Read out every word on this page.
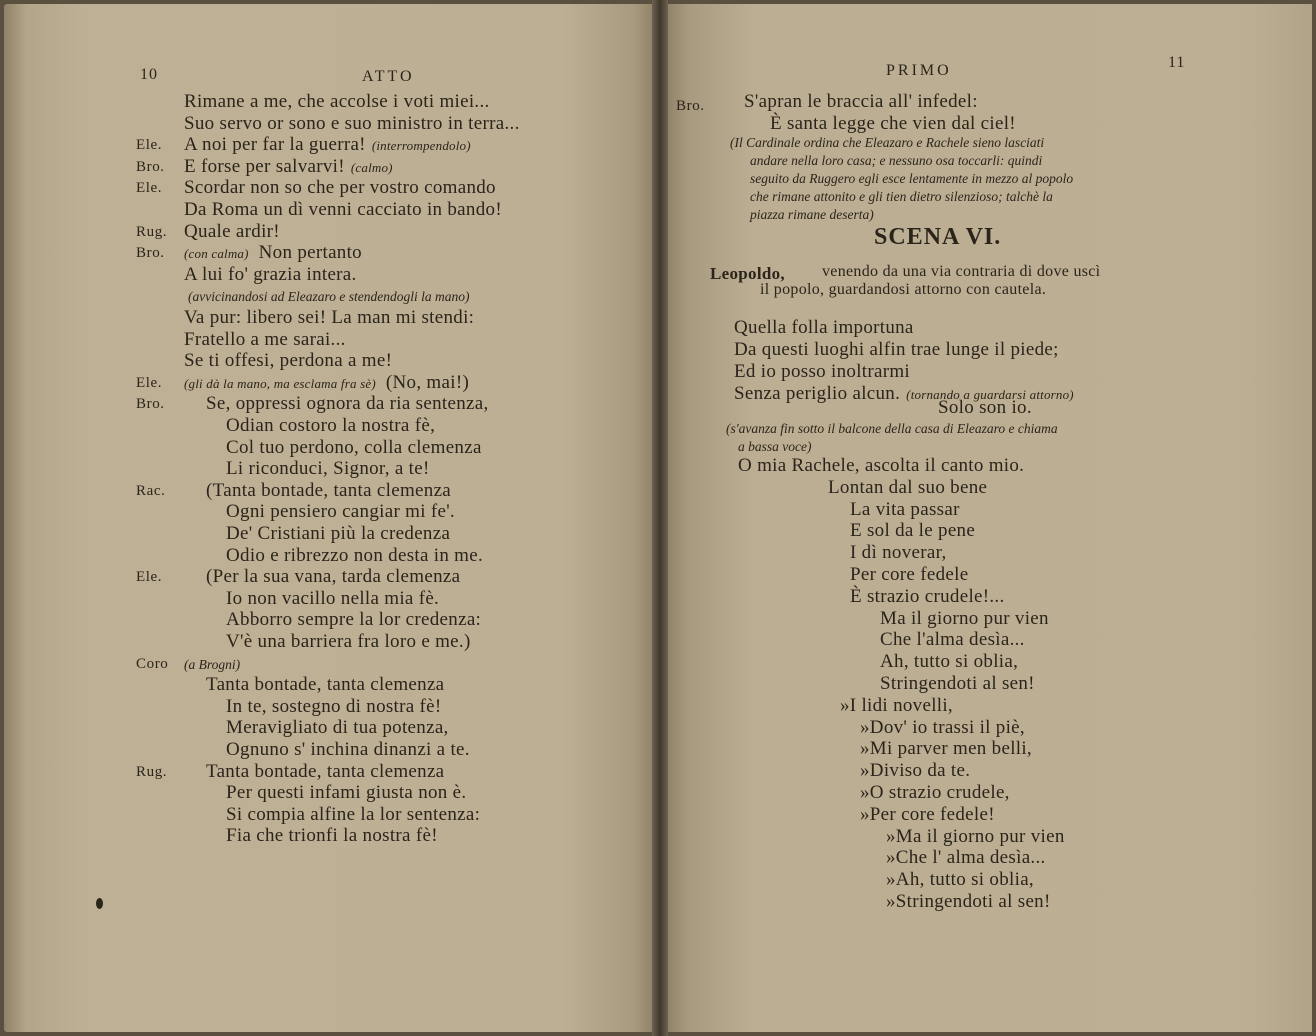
10	ATTO
Rimane a me, che accolse i voti miei...
Suo servo or sono e suo ministro in terra...
Ele. A noi per far la guerra! (interrompendolo)
Bro. E forse per salvarvi! (calmo)
Ele. Scordar non so che per vostro comando
Da Roma un dì venni cacciato in bando!
Rug. Quale ardir!
Bro. (con calma) Non pertanto
A lui fo' grazia intera.
(avvicinandosi ad Eleazaro e stendendogli la mano)
Va pur: libero sei! La man mi stendi:
Fratello a me sarai...
Se ti offesi, perdona a me!
Ele. (gli dà la mano, ma esclama fra sè) (No, mai!)
Bro. Se, oppressi ognora da ria sentenza,
Odian costoro la nostra fè,
Col tuo perdono, colla clemenza
Li riconduci, Signor, a te!
Rac. (Tanta bontade, tanta clemenza
Ogni pensiero cangiar mi fe'.
De' Cristiani più la credenza
Odio e ribrezzo non desta in me.
Ele. (Per la sua vana, tarda clemenza
Io non vacillo nella mia fè.
Abborro sempre la lor credenza:
V'è una barriera fra loro e me.)
Coro (a Brogni)
Tanta bontade, tanta clemenza
In te, sostegno di nostra fè!
Meravigliato di tua potenza,
Ognuno s' inchina dinanzi a te.
Rug. Tanta bontade, tanta clemenza
Per questi infami giusta non è.
Si compia alfine la lor sentenza:
Fia che trionfi la nostra fè!
11
PRIMO
SCENA VI.
Bro. S'apran le braccia all' infedel:
È santa legge che vien dal ciel!
(Il Cardinale ordina che Eleazaro e Rachele sieno lasciati
andare nella loro casa; e nessuno osa toccarli: quindi
seguito da Ruggero egli esce lentamente in mezzo al popolo
che rimane attonito e gli tien dietro silenzioso; talchè la
piazza rimane deserta)
Leopoldo, venendo da una via contraria di dove uscì
il popolo, guardandosi attorno con cautela.
Quella folla importuna
Da questi luoghi alfin trae lunge il piede;
Ed io posso inoltrarmi
Senza periglio alcun. (tornando a guardarsi attorno)
Solo son io.
(s'avanza fin sotto il balcone della casa di Eleazaro e chiama
a bassa voce)
O mia Rachele, ascolta il canto mio.
Lontan dal suo bene
La vita passar
E sol da le pene
I dì noverar,
Per core fedele
È strazio crudele!...
Ma il giorno pur vien
Che l'alma desìa...
Ah, tutto si oblia,
Stringendoti al sen!
»I lidi novelli,
»Dov' io trassi il piè,
»Mi parver men belli,
»Diviso da te.
»O strazio crudele,
»Per core fedele!
»Ma il giorno pur vien
»Che l' alma desìa...
»Ah, tutto si oblia,
»Stringendoti al sen!
